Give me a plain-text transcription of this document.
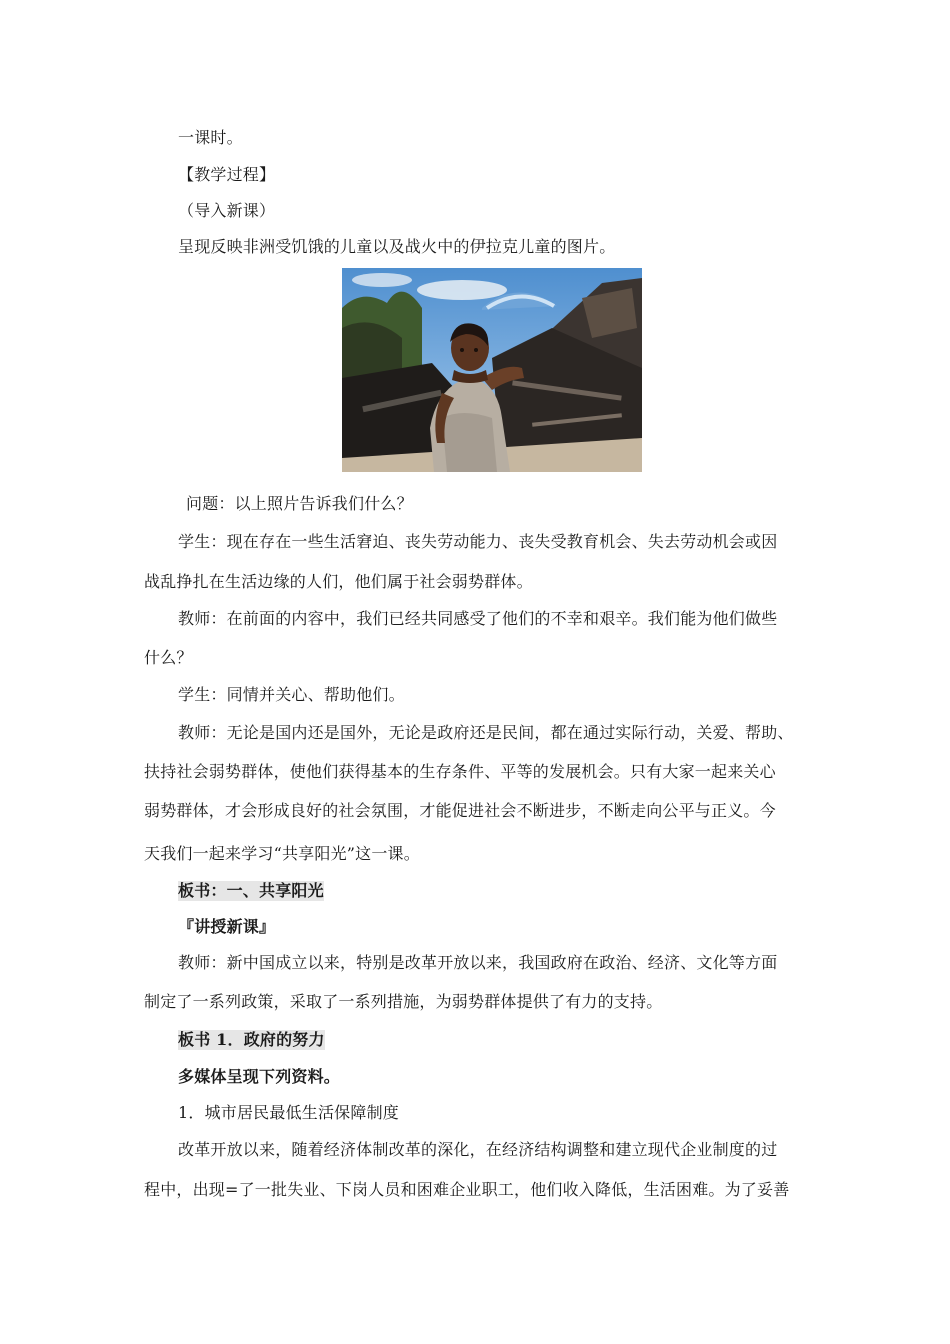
一课时。
【教学过程】
（导入新课）
呈现反映非洲受饥饿的儿童以及战火中的伊拉克儿童的图片。
问题：以上照片告诉我们什么？
学生：现在存在一些生活窘迫、丧失劳动能力、丧失受教育机会、失去劳动机会或因
战乱挣扎在生活边缘的人们，他们属于社会弱势群体。
教师：在前面的内容中，我们已经共同感受了他们的不幸和艰辛。我们能为他们做些
什么？
学生：同情并关心、帮助他们。
教师：无论是国内还是国外，无论是政府还是民间，都在通过实际行动，关爱、帮助、
扶持社会弱势群体，使他们获得基本的生存条件、平等的发展机会。只有大家一起来关心
弱势群体，才会形成良好的社会氛围，才能促进社会不断进步，不断走向公平与正义。今
天我们一起来学习“共享阳光”这一课。
板书：一、共享阳光
『讲授新课』
教师：新中国成立以来，特别是改革开放以来，我国政府在政治、经济、文化等方面
制定了一系列政策，采取了一系列措施，为弱势群体提供了有力的支持。
板书 1．政府的努力
多媒体呈现下列资料。
1．城市居民最低生活保障制度
改革开放以来，随着经济体制改革的深化，在经济结构调整和建立现代企业制度的过
程中，出现=了一批失业、下岗人员和困难企业职工，他们收入降低，生活困难。为了妥善
